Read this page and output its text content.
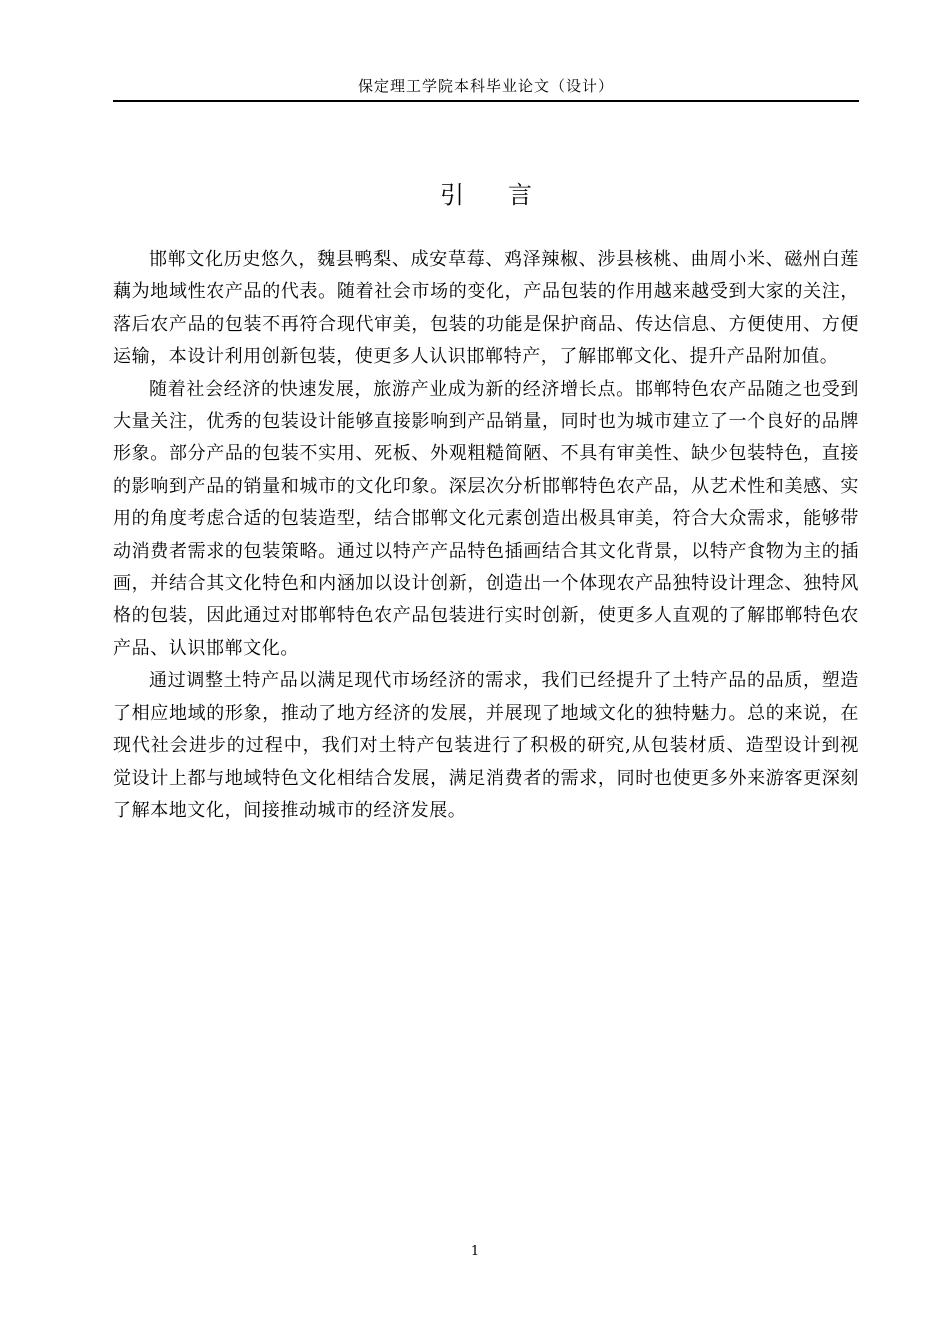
保定理工学院本科毕业论文（设计）
引言

邯郸文化历史悠久，魏县鸭梨、成安草莓、鸡泽辣椒、涉县核桃、曲周小米、磁州白莲藕为地域性农产品的代表。随着社会市场的变化，产品包装的作用越来越受到大家的关注，落后农产品的包装不再符合现代审美，包装的功能是保护商品、传达信息、方便使用、方便运输，本设计利用创新包装，使更多人认识邯郸特产，了解邯郸文化、提升产品附加值。

随着社会经济的快速发展，旅游产业成为新的经济增长点。邯郸特色农产品随之也受到大量关注，优秀的包装设计能够直接影响到产品销量，同时也为城市建立了一个良好的品牌形象。部分产品的包装不实用、死板、外观粗糙简陋、不具有审美性、缺少包装特色，直接的影响到产品的销量和城市的文化印象。深层次分析邯郸特色农产品，从艺术性和美感、实用的角度考虑合适的包装造型，结合邯郸文化元素创造出极具审美，符合大众需求，能够带动消费者需求的包装策略。通过以特产产品特色插画结合其文化背景，以特产食物为主的插画，并结合其文化特色和内涵加以设计创新，创造出一个体现农产品独特设计理念、独特风格的包装，因此通过对邯郸特色农产品包装进行实时创新，使更多人直观的了解邯郸特色农产品、认识邯郸文化。

通过调整土特产品以满足现代市场经济的需求，我们已经提升了土特产品的品质，塑造了相应地域的形象，推动了地方经济的发展，并展现了地域文化的独特魅力。总的来说，在现代社会进步的过程中，我们对土特产包装进行了积极的研究,从包装材质、造型设计到视觉设计上都与地域特色文化相结合发展，满足消费者的需求，同时也使更多外来游客更深刻了解本地文化，间接推动城市的经济发展。

1
